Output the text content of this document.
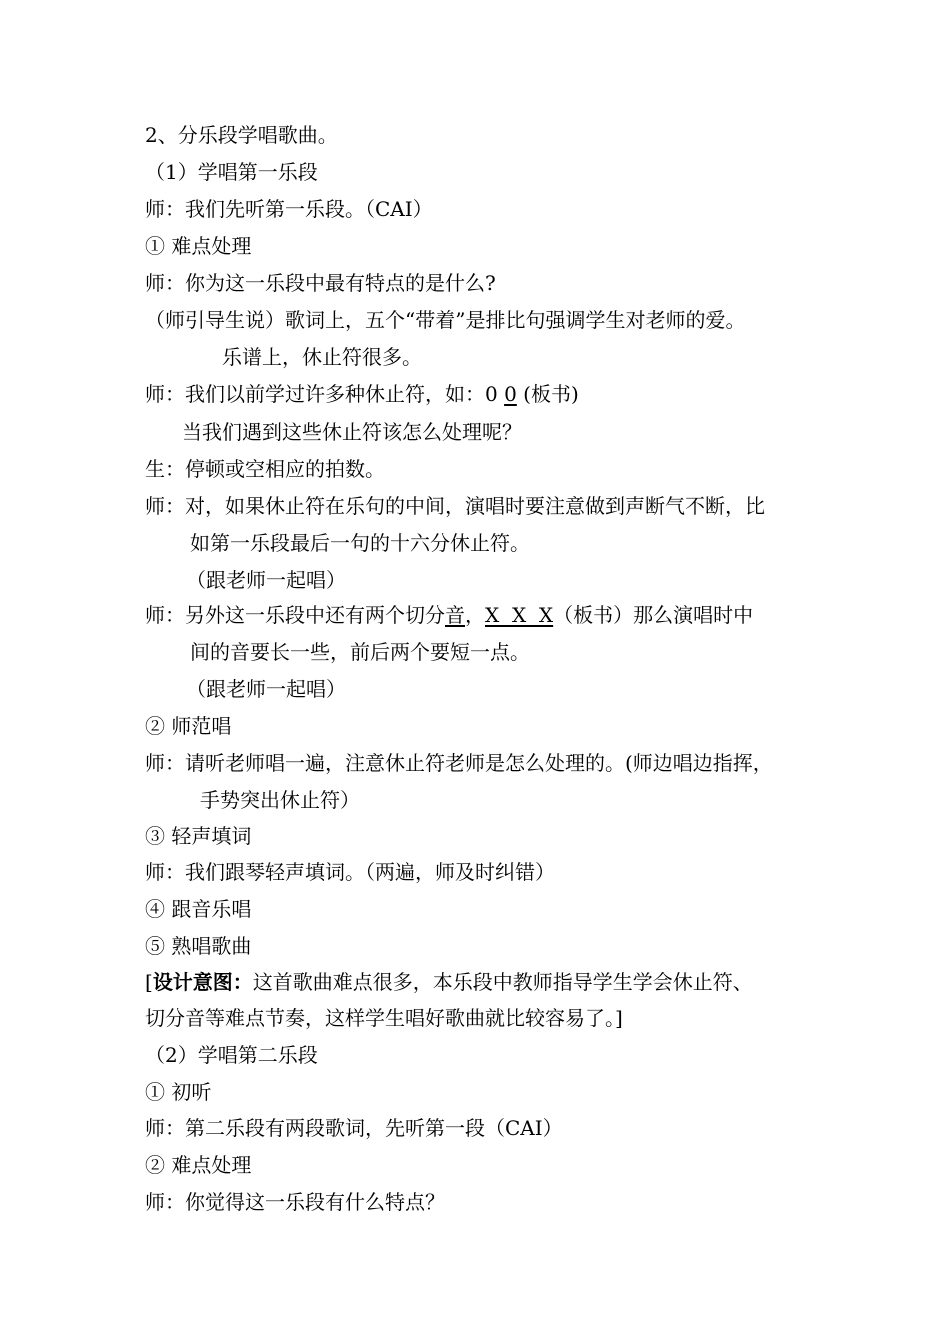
2、分乐段学唱歌曲。
（1）学唱第一乐段
师：我们先听第一乐段。（CAI）
① 难点处理
师：你为这一乐段中最有特点的是什么?
（师引导生说）歌词上，五个“带着”是排比句强调学生对老师的爱。
乐谱上，休止符很多。
师：我们以前学过许多种休止符，如：0 0 (板书)
当我们遇到这些休止符该怎么处理呢？
生：停顿或空相应的拍数。
师：对，如果休止符在乐句的中间，演唱时要注意做到声断气不断，比
如第一乐段最后一句的十六分休止符。
（跟老师一起唱）
师：另外这一乐段中还有两个切分音，X  X  X（板书）那么演唱时中
间的音要长一些，前后两个要短一点。
（跟老师一起唱）
② 师范唱
师：请听老师唱一遍，注意休止符老师是怎么处理的。(师边唱边指挥，
手势突出休止符）
③ 轻声填词
师：我们跟琴轻声填词。（两遍，师及时纠错）
④ 跟音乐唱
⑤ 熟唱歌曲
[设计意图：这首歌曲难点很多，本乐段中教师指导学生学会休止符、
切分音等难点节奏，这样学生唱好歌曲就比较容易了。]
（2）学唱第二乐段
① 初听
师：第二乐段有两段歌词，先听第一段（CAI）
② 难点处理
师：你觉得这一乐段有什么特点？
